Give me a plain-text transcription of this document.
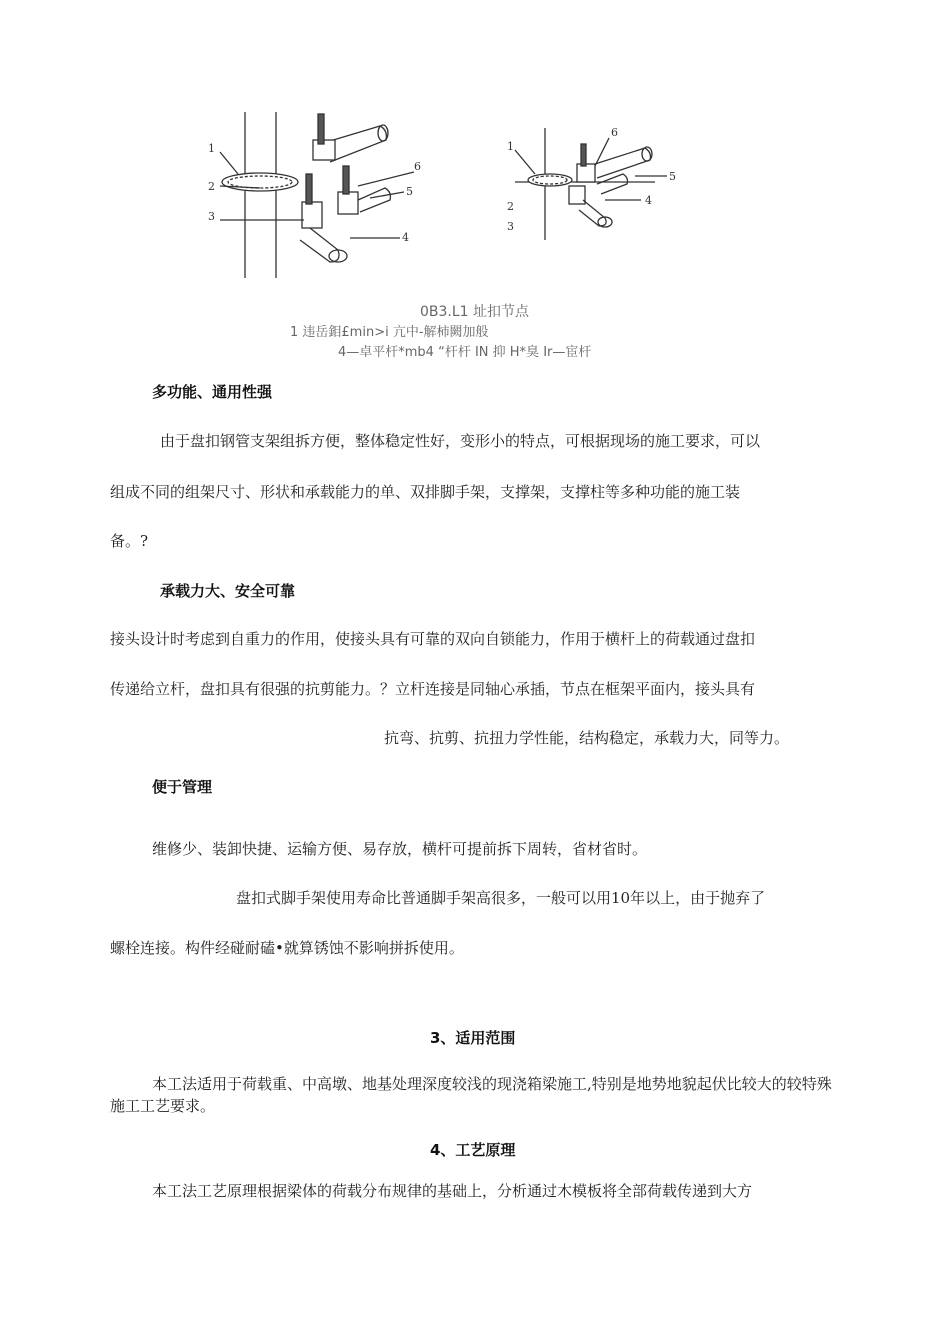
1
2
3
4
5
6
1
2
3
4
5
6
0B3.L1 址扣节点
1 违岳鉬£min>i 亢中-解柿闕加般
4—卓平杆*mb4 “杆杆 IN 抑 H*臭 Ir—宦杆
多功能、通用性强
由于盘扣钢管支架组拆方便，整体稳定性好，变形小的特点，可根据现场的施工要求，可以
组成不同的组架尺寸、形状和承载能力的单、双排脚手架，支撑架，支撑柱等多种功能的施工装
备。?
承载力大、安全可靠
接头设计时考虑到自重力的作用，使接头具有可靠的双向自锁能力，作用于横杆上的荷载通过盘扣
传递给立杆，盘扣具有很强的抗剪能力。？立杆连接是同轴心承插，节点在框架平面内，接头具有
抗弯、抗剪、抗扭力学性能，结构稳定，承载力大，同等力。
便于管理
维修少、装卸快捷、运输方便、易存放，横杆可提前拆下周转，省材省时。
盘扣式脚手架使用寿命比普通脚手架高很多，一般可以用10年以上，由于抛弃了
螺栓连接。构件经碰耐磕•就算锈蚀不影响拼拆使用。
3、适用范围
本工法适用于荷载重、中高墩、地基处理深度较浅的现浇箱梁施工,特别是地势地貌起伏比较大的较特殊施工工艺要求。
4、工艺原理
本工法工艺原理根据梁体的荷载分布规律的基础上，分析通过木模板将全部荷载传递到大方
